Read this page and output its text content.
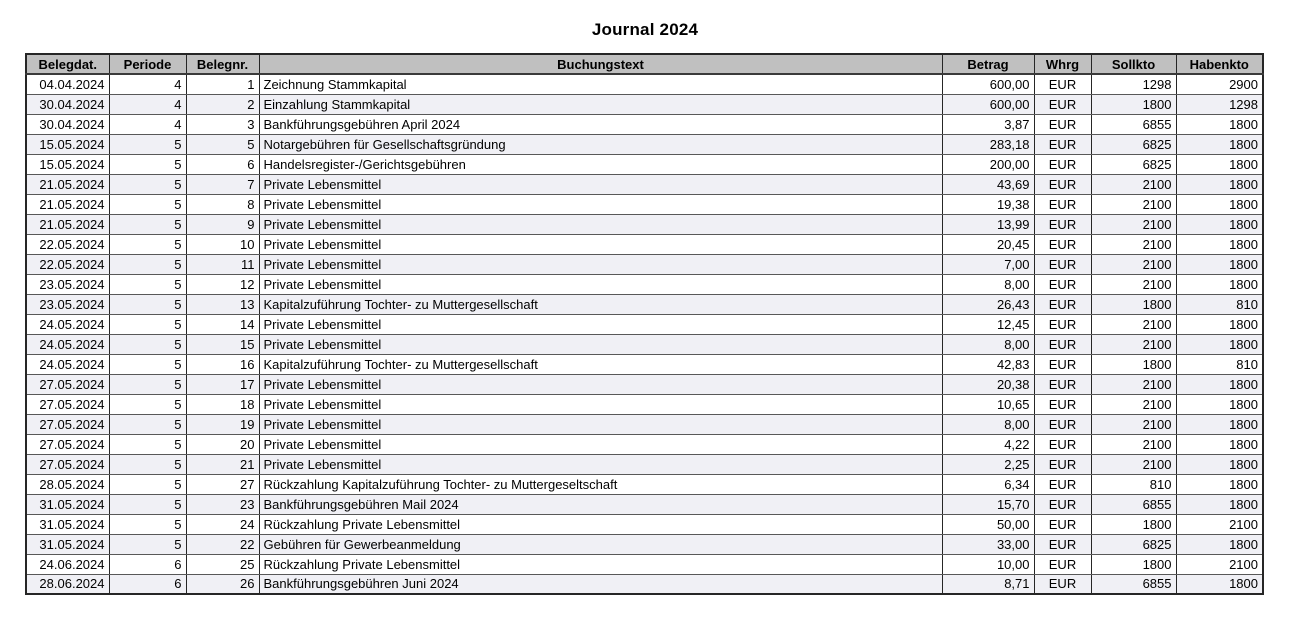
Journal 2024
Belegdat.	Periode	Belegnr.	Buchungstext	Betrag	Whrg	Sollkto	Habenkto
04.04.2024	4	1	Zeichnung Stammkapital	600,00	EUR	1298	2900
30.04.2024	4	2	Einzahlung Stammkapital	600,00	EUR	1800	1298
30.04.2024	4	3	Bankführungsgebühren April 2024	3,87	EUR	6855	1800
15.05.2024	5	5	Notargebühren für Gesellschaftsgründung	283,18	EUR	6825	1800
15.05.2024	5	6	Handelsregister-/Gerichtsgebühren	200,00	EUR	6825	1800
21.05.2024	5	7	Private Lebensmittel	43,69	EUR	2100	1800
21.05.2024	5	8	Private Lebensmittel	19,38	EUR	2100	1800
21.05.2024	5	9	Private Lebensmittel	13,99	EUR	2100	1800
22.05.2024	5	10	Private Lebensmittel	20,45	EUR	2100	1800
22.05.2024	5	11	Private Lebensmittel	7,00	EUR	2100	1800
23.05.2024	5	12	Private Lebensmittel	8,00	EUR	2100	1800
23.05.2024	5	13	Kapitalzuführung Tochter- zu Muttergesellschaft	26,43	EUR	1800	810
24.05.2024	5	14	Private Lebensmittel	12,45	EUR	2100	1800
24.05.2024	5	15	Private Lebensmittel	8,00	EUR	2100	1800
24.05.2024	5	16	Kapitalzuführung Tochter- zu Muttergesellschaft	42,83	EUR	1800	810
27.05.2024	5	17	Private Lebensmittel	20,38	EUR	2100	1800
27.05.2024	5	18	Private Lebensmittel	10,65	EUR	2100	1800
27.05.2024	5	19	Private Lebensmittel	8,00	EUR	2100	1800
27.05.2024	5	20	Private Lebensmittel	4,22	EUR	2100	1800
27.05.2024	5	21	Private Lebensmittel	2,25	EUR	2100	1800
28.05.2024	5	27	Rückzahlung Kapitalzuführung Tochter- zu Muttergeseltschaft	6,34	EUR	810	1800
31.05.2024	5	23	Bankführungsgebühren Mail 2024	15,70	EUR	6855	1800
31.05.2024	5	24	Rückzahlung Private Lebensmittel	50,00	EUR	1800	2100
31.05.2024	5	22	Gebühren für Gewerbeanmeldung	33,00	EUR	6825	1800
24.06.2024	6	25	Rückzahlung Private Lebensmittel	10,00	EUR	1800	2100
28.06.2024	6	26	Bankführungsgebühren Juni 2024	8,71	EUR	6855	1800
